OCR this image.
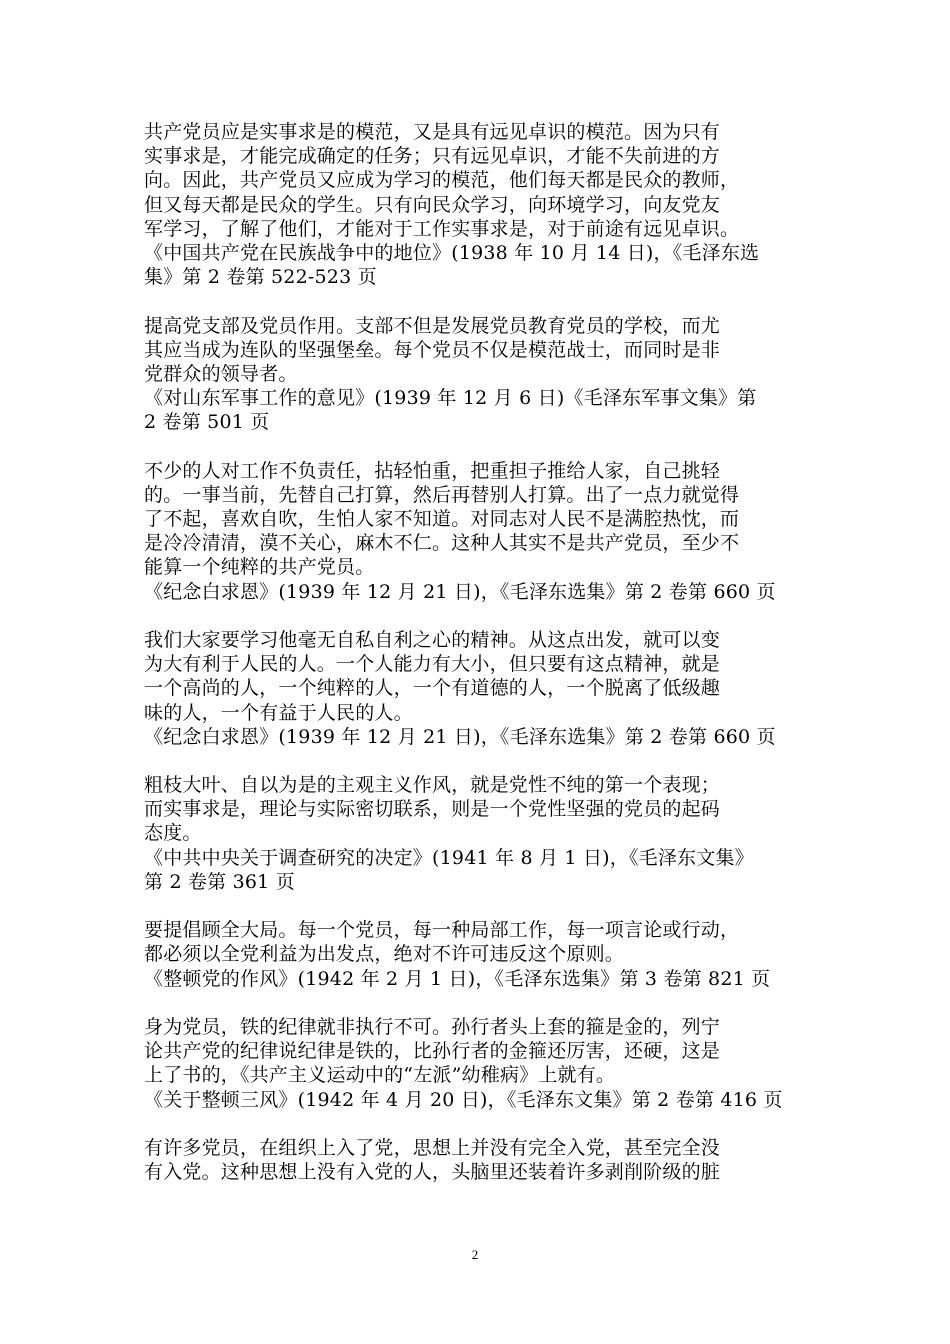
共产党员应是实事求是的模范，又是具有远见卓识的模范。因为只有
实事求是，才能完成确定的任务；只有远见卓识，才能不失前进的方
向。因此，共产党员又应成为学习的模范，他们每天都是民众的教师，
但又每天都是民众的学生。只有向民众学习，向环境学习，向友党友
军学习，了解了他们，才能对于工作实事求是，对于前途有远见卓识。
《中国共产党在民族战争中的地位》(1938 年 10 月 14 日)，《毛泽东选
集》第 2 卷第 522-523 页
提高党支部及党员作用。支部不但是发展党员教育党员的学校，而尤
其应当成为连队的坚强堡垒。每个党员不仅是模范战士，而同时是非
党群众的领导者。
《对山东军事工作的意见》(1939 年 12 月 6 日)《毛泽东军事文集》第
2 卷第 501 页
不少的人对工作不负责任，拈轻怕重，把重担子推给人家，自己挑轻
的。一事当前，先替自己打算，然后再替别人打算。出了一点力就觉得
了不起，喜欢自吹，生怕人家不知道。对同志对人民不是满腔热忱，而
是冷冷清清，漠不关心，麻木不仁。这种人其实不是共产党员，至少不
能算一个纯粹的共产党员。
《纪念白求恩》(1939 年 12 月 21 日)，《毛泽东选集》第 2 卷第 660 页
我们大家要学习他毫无自私自利之心的精神。从这点出发，就可以变
为大有利于人民的人。一个人能力有大小，但只要有这点精神，就是
一个高尚的人，一个纯粹的人，一个有道德的人，一个脱离了低级趣
味的人，一个有益于人民的人。
《纪念白求恩》(1939 年 12 月 21 日)，《毛泽东选集》第 2 卷第 660 页
粗枝大叶、自以为是的主观主义作风，就是党性不纯的第一个表现；
而实事求是，理论与实际密切联系，则是一个党性坚强的党员的起码
态度。
《中共中央关于调查研究的决定》(1941 年 8 月 1 日)，《毛泽东文集》
第 2 卷第 361 页
要提倡顾全大局。每一个党员，每一种局部工作，每一项言论或行动，
都必须以全党利益为出发点，绝对不许可违反这个原则。
《整顿党的作风》(1942 年 2 月 1 日)，《毛泽东选集》第 3 卷第 821 页
身为党员，铁的纪律就非执行不可。孙行者头上套的箍是金的，列宁
论共产党的纪律说纪律是铁的，比孙行者的金箍还厉害，还硬，这是
上了书的，《共产主义运动中的“左派”幼稚病》上就有。
《关于整顿三风》(1942 年 4 月 20 日)，《毛泽东文集》第 2 卷第 416 页
有许多党员，在组织上入了党，思想上并没有完全入党，甚至完全没
有入党。这种思想上没有入党的人，头脑里还装着许多剥削阶级的脏
2
